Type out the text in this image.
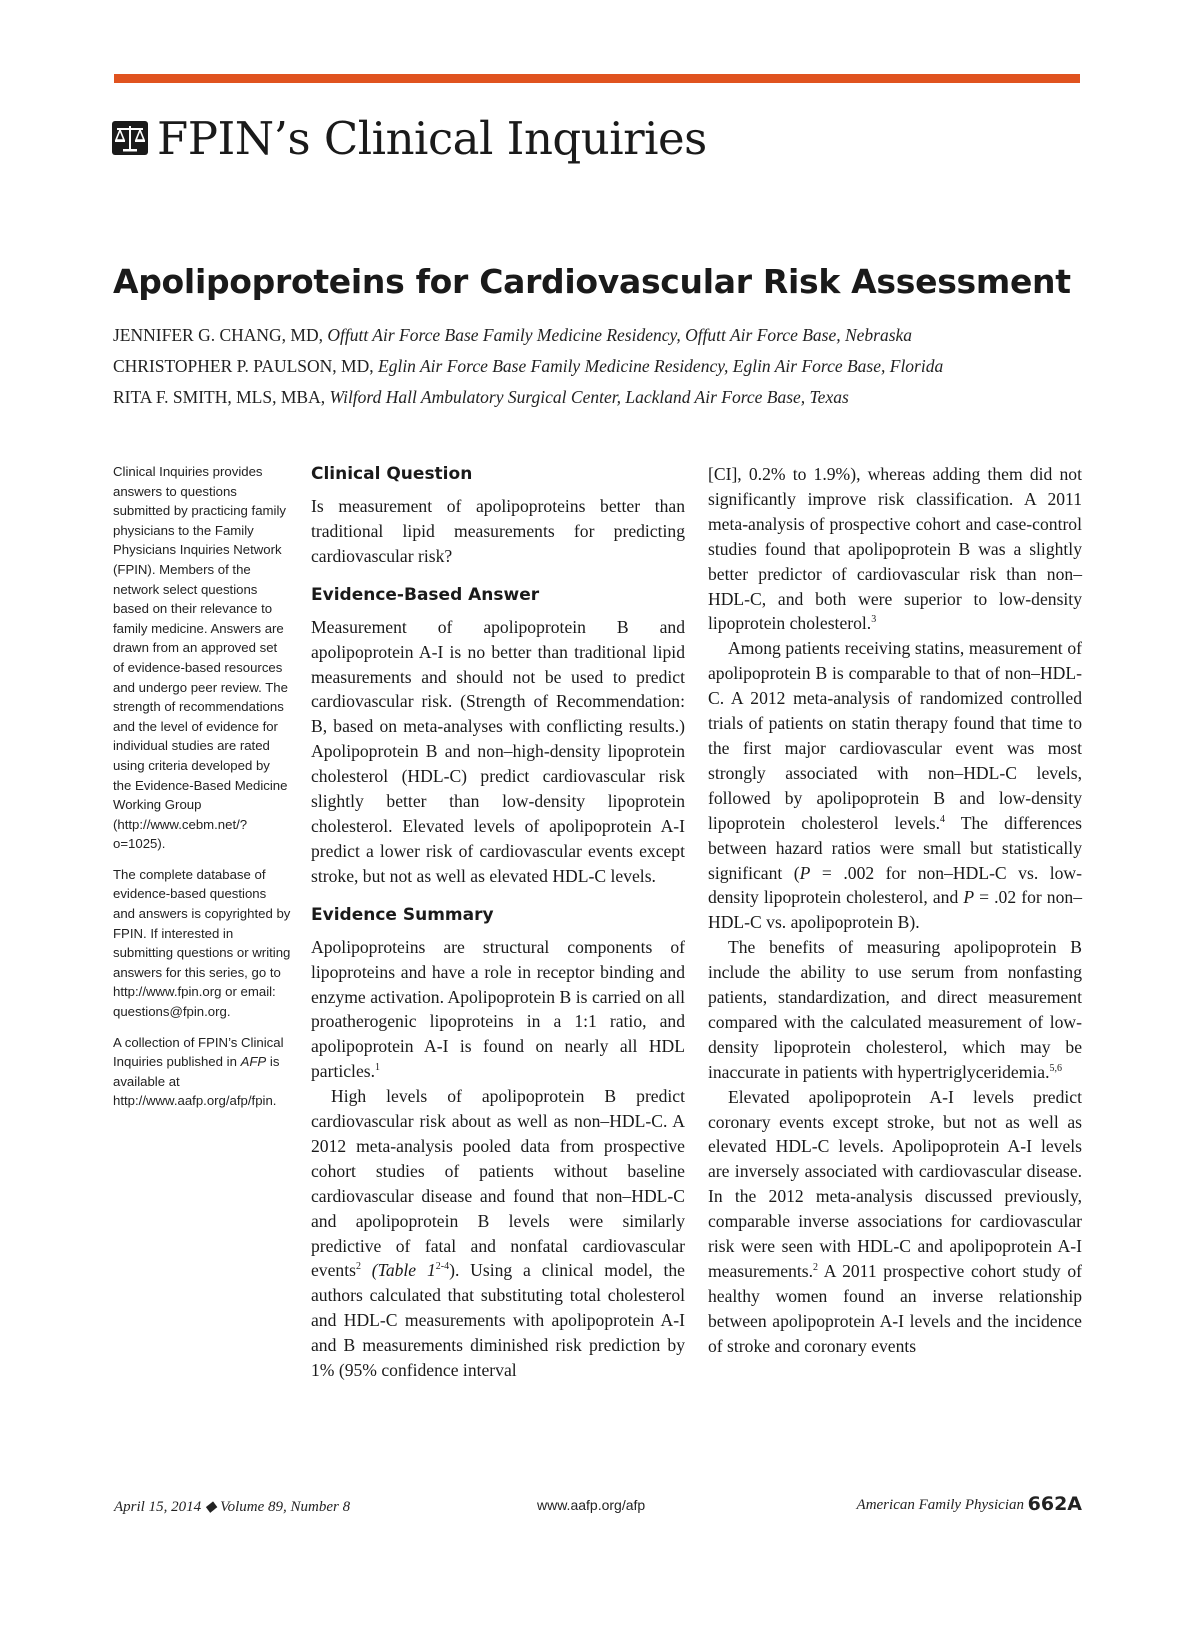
FPIN’s Clinical Inquiries
Apolipoproteins for Cardiovascular Risk Assessment
JENNIFER G. CHANG, MD, Offutt Air Force Base Family Medicine Residency, Offutt Air Force Base, Nebraska
CHRISTOPHER P. PAULSON, MD, Eglin Air Force Base Family Medicine Residency, Eglin Air Force Base, Florida
RITA F. SMITH, MLS, MBA, Wilford Hall Ambulatory Surgical Center, Lackland Air Force Base, Texas

Clinical Inquiries provides answers to questions submitted by practicing family physicians to the Family Physicians Inquiries Network (FPIN). Members of the network select questions based on their relevance to family medicine. Answers are drawn from an approved set of evidence-based resources and undergo peer review. The strength of recommendations and the level of evidence for individual studies are rated using criteria developed by the Evidence-Based Medicine Working Group (http://www.cebm.net/?o=1025).

The complete database of evidence-based questions and answers is copyrighted by FPIN. If interested in submitting questions or writing answers for this series, go to http://www.fpin.org or email: questions@fpin.org.

A collection of FPIN’s Clinical Inquiries published in AFP is available at http://www.aafp.org/afp/fpin.

Clinical Question

Is measurement of apolipoproteins better than traditional lipid measurements for predicting cardiovascular risk?

Evidence-Based Answer

Measurement of apolipoprotein B and apolipoprotein A-I is no better than traditional lipid measurements and should not be used to predict cardiovascular risk. (Strength of Recommendation: B, based on meta-analyses with conflicting results.) Apolipoprotein B and non–high-density lipoprotein cholesterol (HDL-C) predict cardiovascular risk slightly better than low-density lipoprotein cholesterol. Elevated levels of apolipoprotein A-I predict a lower risk of cardiovascular events except stroke, but not as well as elevated HDL-C levels.

Evidence Summary

Apolipoproteins are structural components of lipoproteins and have a role in receptor binding and enzyme activation. Apolipoprotein B is carried on all proatherogenic lipoproteins in a 1:1 ratio, and apolipoprotein A-I is found on nearly all HDL particles.$^1$

High levels of apolipoprotein B predict cardiovascular risk about as well as non–HDL-C. A 2012 meta-analysis pooled data from prospective cohort studies of patients without baseline cardiovascular disease and found that non–HDL-C and apolipoprotein B levels were similarly predictive of fatal and nonfatal cardiovascular events$^2$ (Table 1$^{2-4}$). Using a clinical model, the authors calculated that substituting total cholesterol and HDL-C measurements with apolipoprotein A-I and B measurements diminished risk prediction by 1% (95% confidence interval

[CI], 0.2% to 1.9%), whereas adding them did not significantly improve risk classification. A 2011 meta-analysis of prospective cohort and case-control studies found that apolipoprotein B was a slightly better predictor of cardiovascular risk than non–HDL-C, and both were superior to low-density lipoprotein cholesterol.$^3$

Among patients receiving statins, measurement of apolipoprotein B is comparable to that of non–HDL-C. A 2012 meta-analysis of randomized controlled trials of patients on statin therapy found that time to the first major cardiovascular event was most strongly associated with non–HDL-C levels, followed by apolipoprotein B and low-density lipoprotein cholesterol levels.$^4$ The differences between hazard ratios were small but statistically significant (P = .002 for non–HDL-C vs. low-density lipoprotein cholesterol, and P = .02 for non–HDL-C vs. apolipoprotein B).

The benefits of measuring apolipoprotein B include the ability to use serum from nonfasting patients, standardization, and direct measurement compared with the calculated measurement of low-density lipoprotein cholesterol, which may be inaccurate in patients with hypertriglyceridemia.$^{5,6}$

Elevated apolipoprotein A-I levels predict coronary events except stroke, but not as well as elevated HDL-C levels. Apolipoprotein A-I levels are inversely associated with cardiovascular disease. In the 2012 meta-analysis discussed previously, comparable inverse associations for cardiovascular risk were seen with HDL-C and apolipoprotein A-I measurements.$^2$ A 2011 prospective cohort study of healthy women found an inverse relationship between apolipoprotein A-I levels and the incidence of stroke and coronary events

April 15, 2014 ◆ Volume 89, Number 8	www.aafp.org/afp	American Family Physician 662A
